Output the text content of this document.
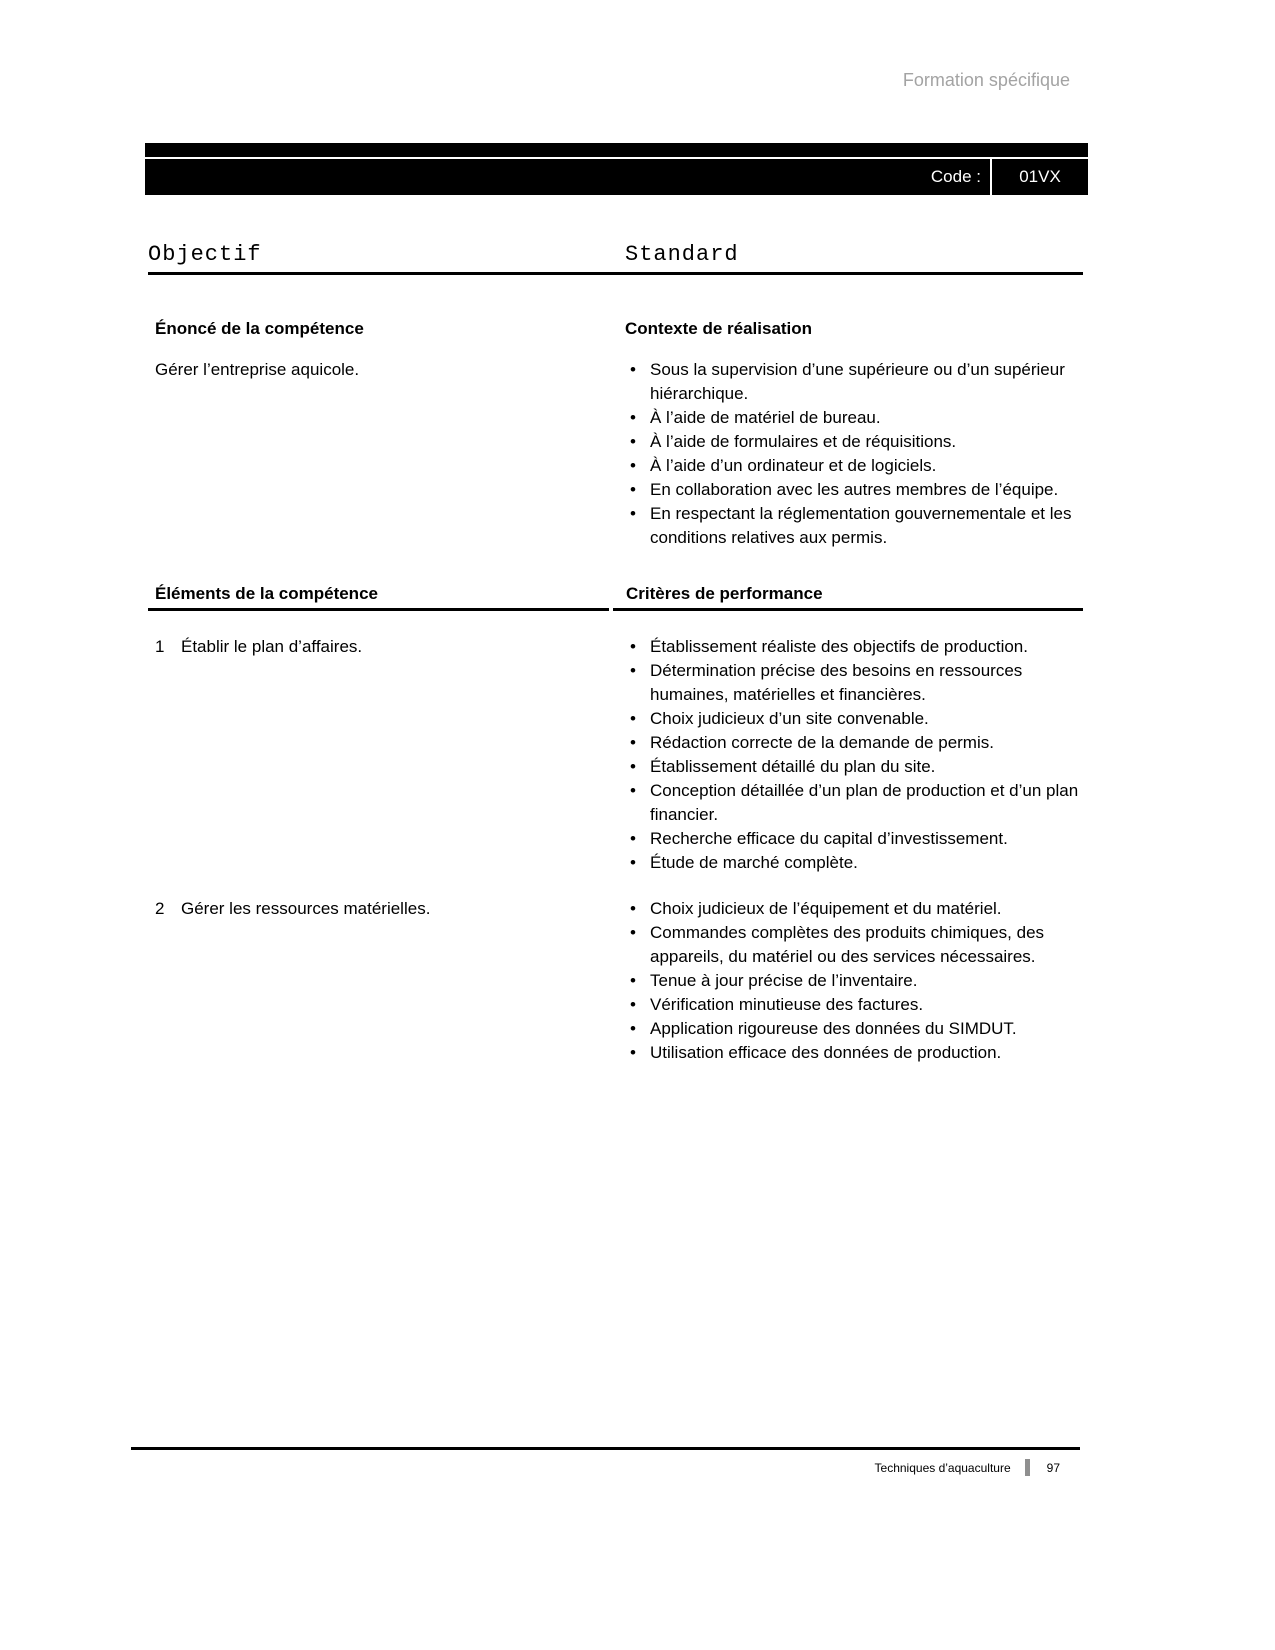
Formation spécifique
Code :	01VX
Objectif	Standard
Énoncé de la compétence	Contexte de réalisation
Gérer l’entreprise aquicole.	• Sous la supervision d’une supérieure ou d’un supérieur hiérarchique.
• À l’aide de matériel de bureau.
• À l’aide de formulaires et de réquisitions.
• À l’aide d’un ordinateur et de logiciels.
• En collaboration avec les autres membres de l’équipe.
• En respectant la réglementation gouvernementale et les conditions relatives aux permis.
Éléments de la compétence	Critères de performance
1 Établir le plan d’affaires.	• Établissement réaliste des objectifs de production.
• Détermination précise des besoins en ressources humaines, matérielles et financières.
• Choix judicieux d’un site convenable.
• Rédaction correcte de la demande de permis.
• Établissement détaillé du plan du site.
• Conception détaillée d’un plan de production et d’un plan financier.
• Recherche efficace du capital d’investissement.
• Étude de marché complète.
2 Gérer les ressources matérielles.	• Choix judicieux de l’équipement et du matériel.
• Commandes complètes des produits chimiques, des appareils, du matériel ou des services nécessaires.
• Tenue à jour précise de l’inventaire.
• Vérification minutieuse des factures.
• Application rigoureuse des données du SIMDUT.
• Utilisation efficace des données de production.
Techniques d’aquaculture	97
